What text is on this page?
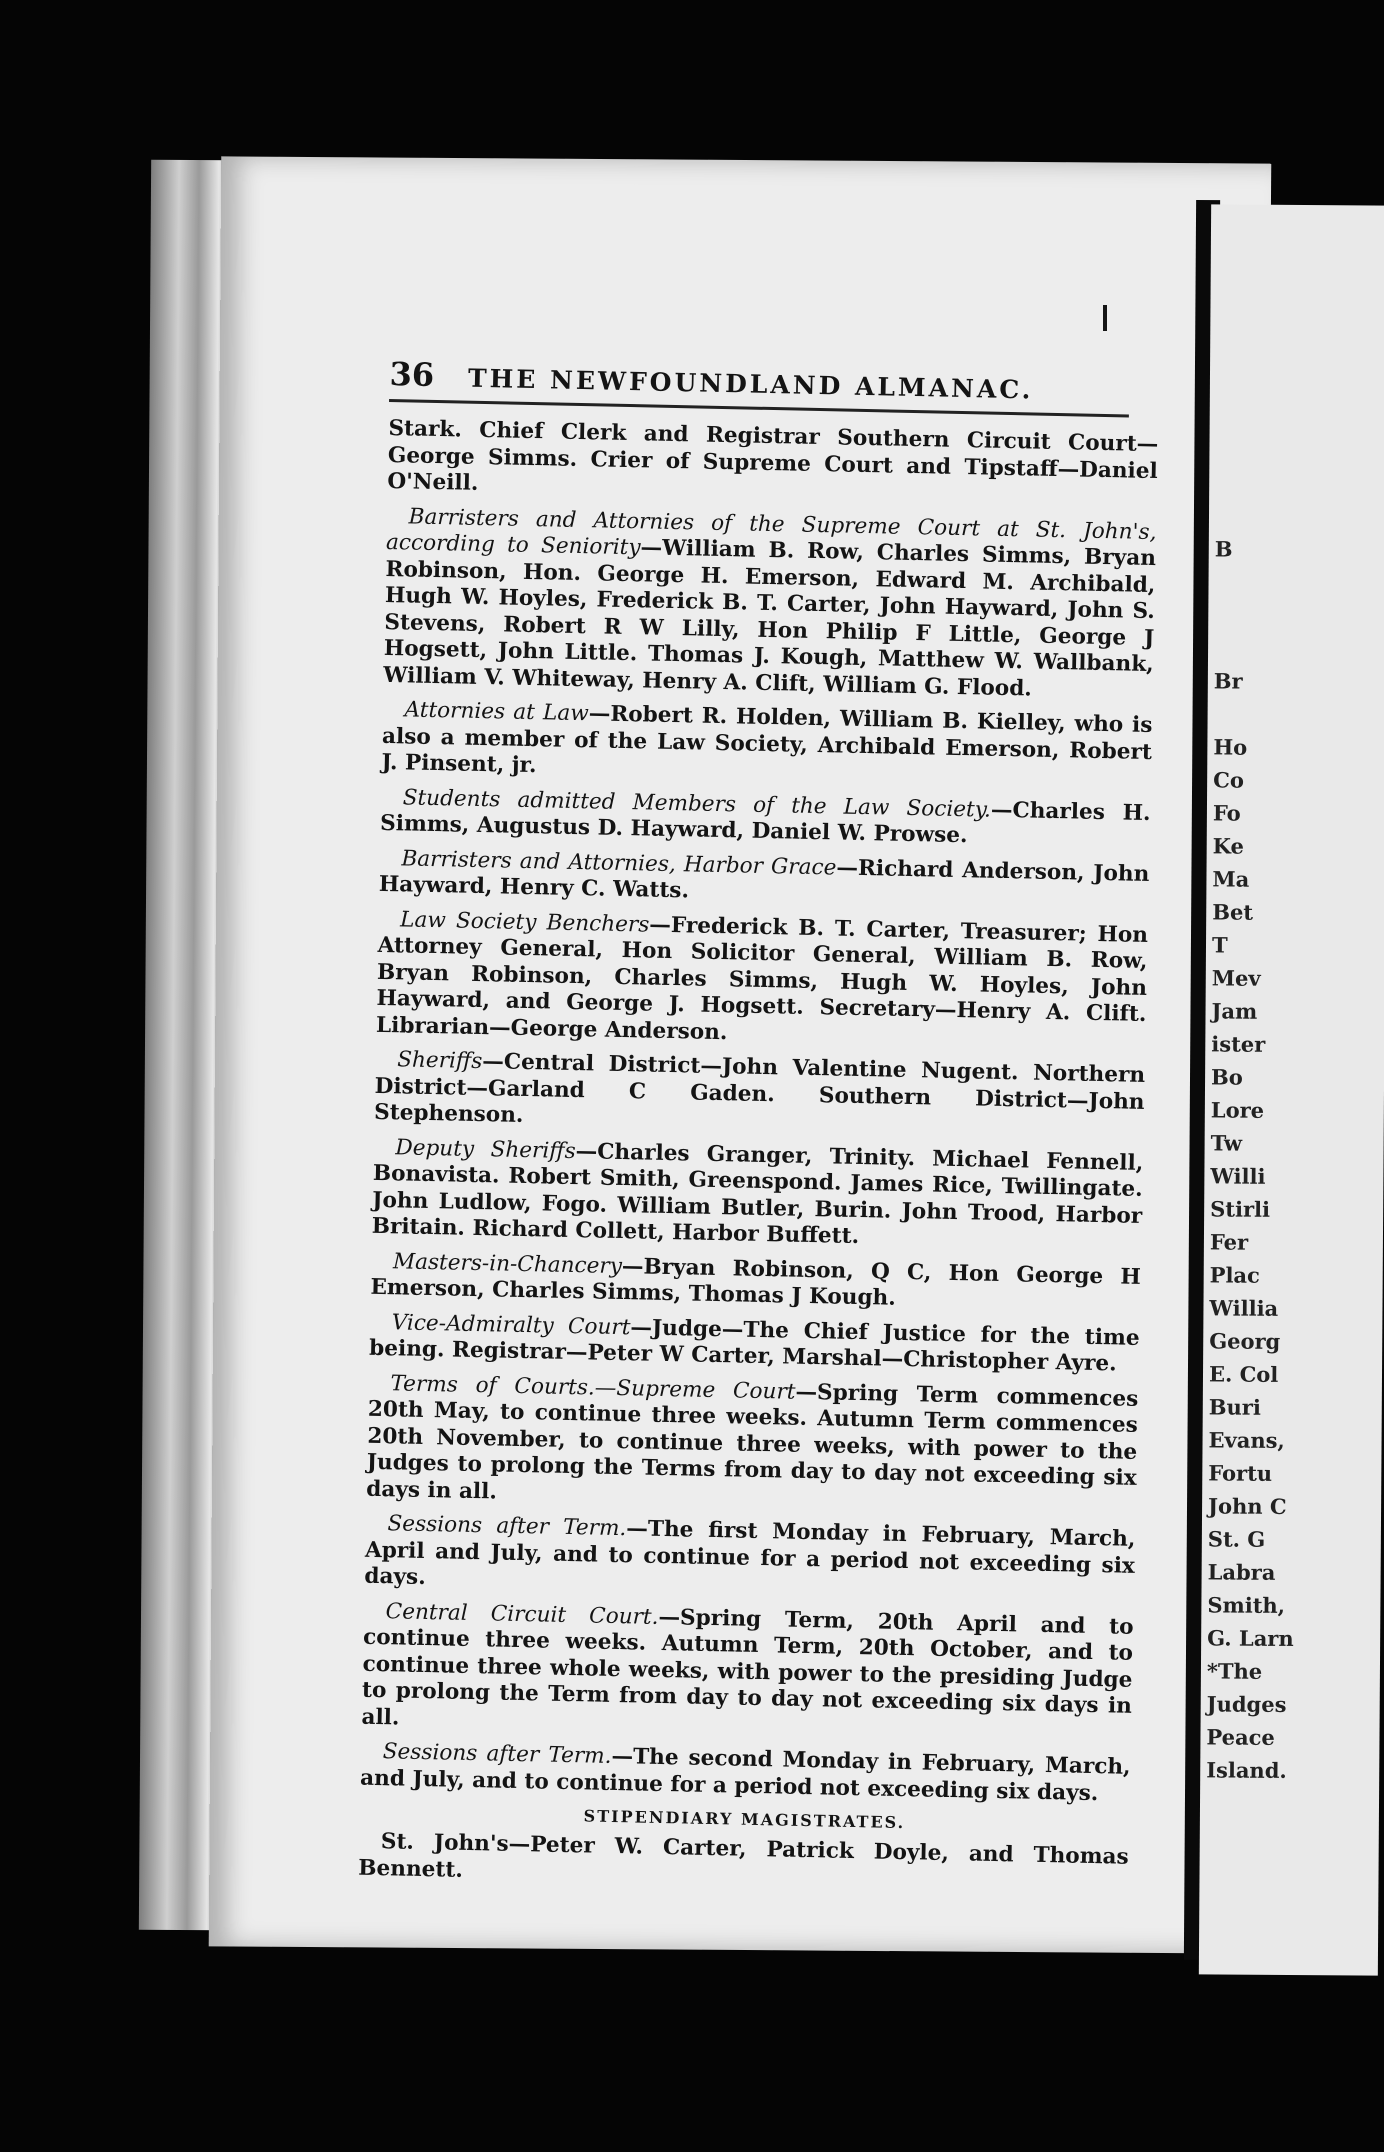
36 THE NEWFOUNDLAND ALMANAC.

Stark. Chief Clerk and Registrar Southern Circuit Court—George Simms. Crier of Supreme Court and Tipstaff—Daniel O'Neill.

Barristers and Attornies of the Supreme Court at St. John's, according to Seniority—William B. Row, Charles Simms, Bryan Robinson, Hon. George H. Emerson, Edward M. Archibald, Hugh W. Hoyles, Frederick B. T. Carter, John Hayward, John S. Stevens, Robert R W Lilly, Hon Philip F Little, George J Hogsett, John Little. Thomas J. Kough, Matthew W. Wallbank, William V. Whiteway, Henry A. Clift, William G. Flood.

Attornies at Law—Robert R. Holden, William B. Kielley, who is also a member of the Law Society, Archibald Emerson, Robert J. Pinsent, jr.

Students admitted Members of the Law Society.—Charles H. Simms, Augustus D. Hayward, Daniel W. Prowse.

Barristers and Attornies, Harbor Grace—Richard Anderson, John Hayward, Henry C. Watts.

Law Society Benchers—Frederick B. T. Carter, Treasurer; Hon Attorney General, Hon Solicitor General, William B. Row, Bryan Robinson, Charles Simms, Hugh W. Hoyles, John Hayward, and George J. Hogsett. Secretary—Henry A. Clift. Librarian—George Anderson.

Sheriffs—Central District—John Valentine Nugent. Northern District—Garland C Gaden. Southern District—John Stephenson.

Deputy Sheriffs—Charles Granger, Trinity. Michael Fennell, Bonavista. Robert Smith, Greenspond. James Rice, Twillingate. John Ludlow, Fogo. William Butler, Burin. John Trood, Harbor Britain. Richard Collett, Harbor Buffett.

Masters-in-Chancery—Bryan Robinson, Q C, Hon George H Emerson, Charles Simms, Thomas J Kough.

Vice-Admiralty Court—Judge—The Chief Justice for the time being. Registrar—Peter W Carter, Marshal—Christopher Ayre.

Terms of Courts.—Supreme Court—Spring Term commences 20th May, to continue three weeks. Autumn Term commences 20th November, to continue three weeks, with power to the Judges to prolong the Terms from day to day not exceeding six days in all.

Sessions after Term.—The first Monday in February, March, April and July, and to continue for a period not exceeding six days.

Central Circuit Court.—Spring Term, 20th April and to continue three weeks. Autumn Term, 20th October, and to continue three whole weeks, with power to the presiding Judge to prolong the Term from day to day not exceeding six days in all.

Sessions after Term.—The second Monday in February, March, and July, and to continue for a period not exceeding six days.

STIPENDIARY MAGISTRATES.

St. John's—Peter W. Carter, Patrick Doyle, and Thomas Bennett.

B
Br
Ho
Co
Fo
Ke
Ma
Bet
T
Mev
Jam
ister
Bo
Lore
Tw
Willi
Stirli
Fer
Plac
Willia
Georg
E. Col
Buri
Evans,
Fortu
John C
St. G
Labra
Smith,
G. Larn
*The
Judges
Peace
Island.
